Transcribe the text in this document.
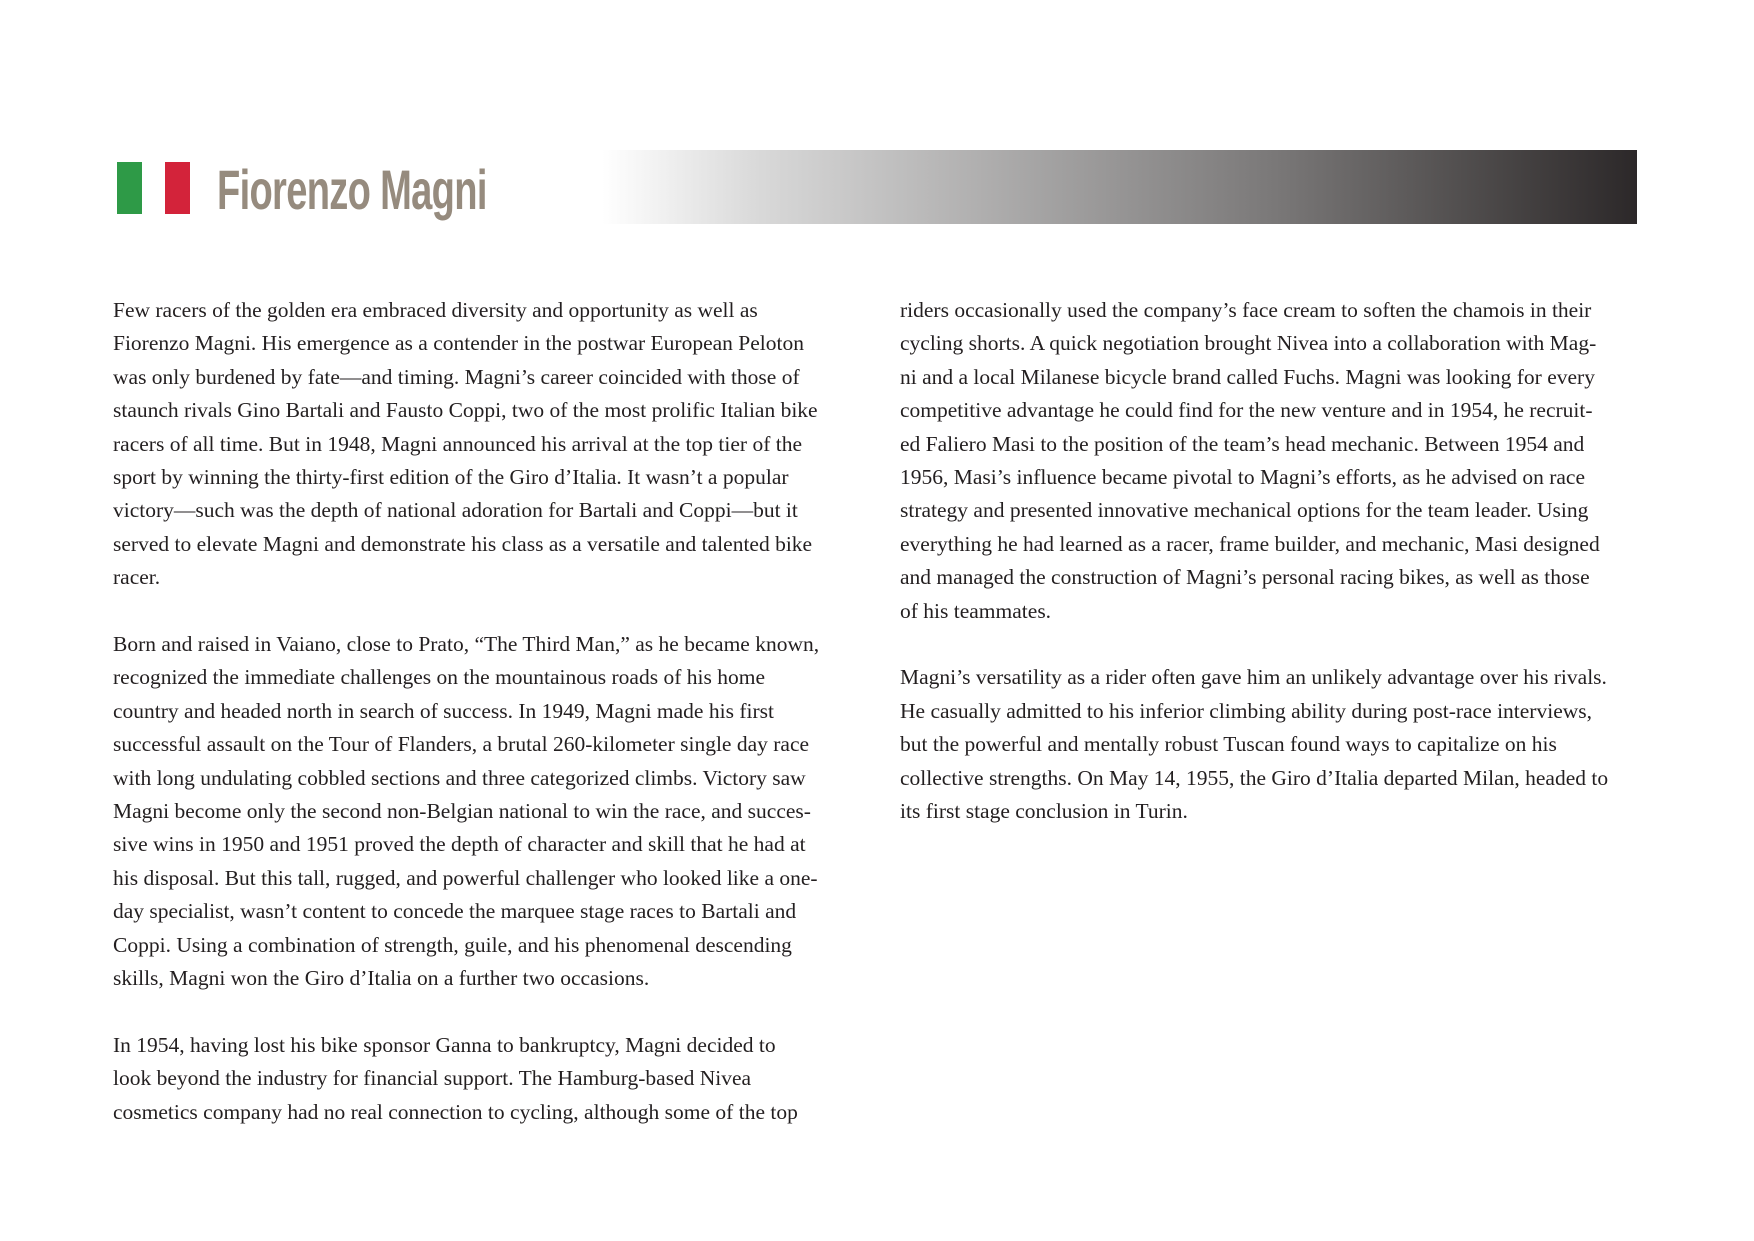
Fiorenzo Magni

Few racers of the golden era embraced diversity and opportunity as well as
Fiorenzo Magni. His emergence as a contender in the postwar European Peloton
was only burdened by fate—and timing. Magni’s career coincided with those of
staunch rivals Gino Bartali and Fausto Coppi, two of the most prolific Italian bike
racers of all time. But in 1948, Magni announced his arrival at the top tier of the
sport by winning the thirty-first edition of the Giro d’Italia. It wasn’t a popular
victory—such was the depth of national adoration for Bartali and Coppi—but it
served to elevate Magni and demonstrate his class as a versatile and talented bike
racer.

Born and raised in Vaiano, close to Prato, “The Third Man,” as he became known,
recognized the immediate challenges on the mountainous roads of his home
country and headed north in search of success. In 1949, Magni made his first
successful assault on the Tour of Flanders, a brutal 260-kilometer single day race
with long undulating cobbled sections and three categorized climbs. Victory saw
Magni become only the second non-Belgian national to win the race, and succes-
sive wins in 1950 and 1951 proved the depth of character and skill that he had at
his disposal. But this tall, rugged, and powerful challenger who looked like a one-
day specialist, wasn’t content to concede the marquee stage races to Bartali and
Coppi. Using a combination of strength, guile, and his phenomenal descending
skills, Magni won the Giro d’Italia on a further two occasions.

In 1954, having lost his bike sponsor Ganna to bankruptcy, Magni decided to
look beyond the industry for financial support. The Hamburg-based Nivea
cosmetics company had no real connection to cycling, although some of the top

riders occasionally used the company’s face cream to soften the chamois in their
cycling shorts. A quick negotiation brought Nivea into a collaboration with Mag-
ni and a local Milanese bicycle brand called Fuchs. Magni was looking for every
competitive advantage he could find for the new venture and in 1954, he recruit-
ed Faliero Masi to the position of the team’s head mechanic. Between 1954 and
1956, Masi’s influence became pivotal to Magni’s efforts, as he advised on race
strategy and presented innovative mechanical options for the team leader. Using
everything he had learned as a racer, frame builder, and mechanic, Masi designed
and managed the construction of Magni’s personal racing bikes, as well as those
of his teammates.

Magni’s versatility as a rider often gave him an unlikely advantage over his rivals.
He casually admitted to his inferior climbing ability during post-race interviews,
but the powerful and mentally robust Tuscan found ways to capitalize on his
collective strengths. On May 14, 1955, the Giro d’Italia departed Milan, headed to
its first stage conclusion in Turin.
